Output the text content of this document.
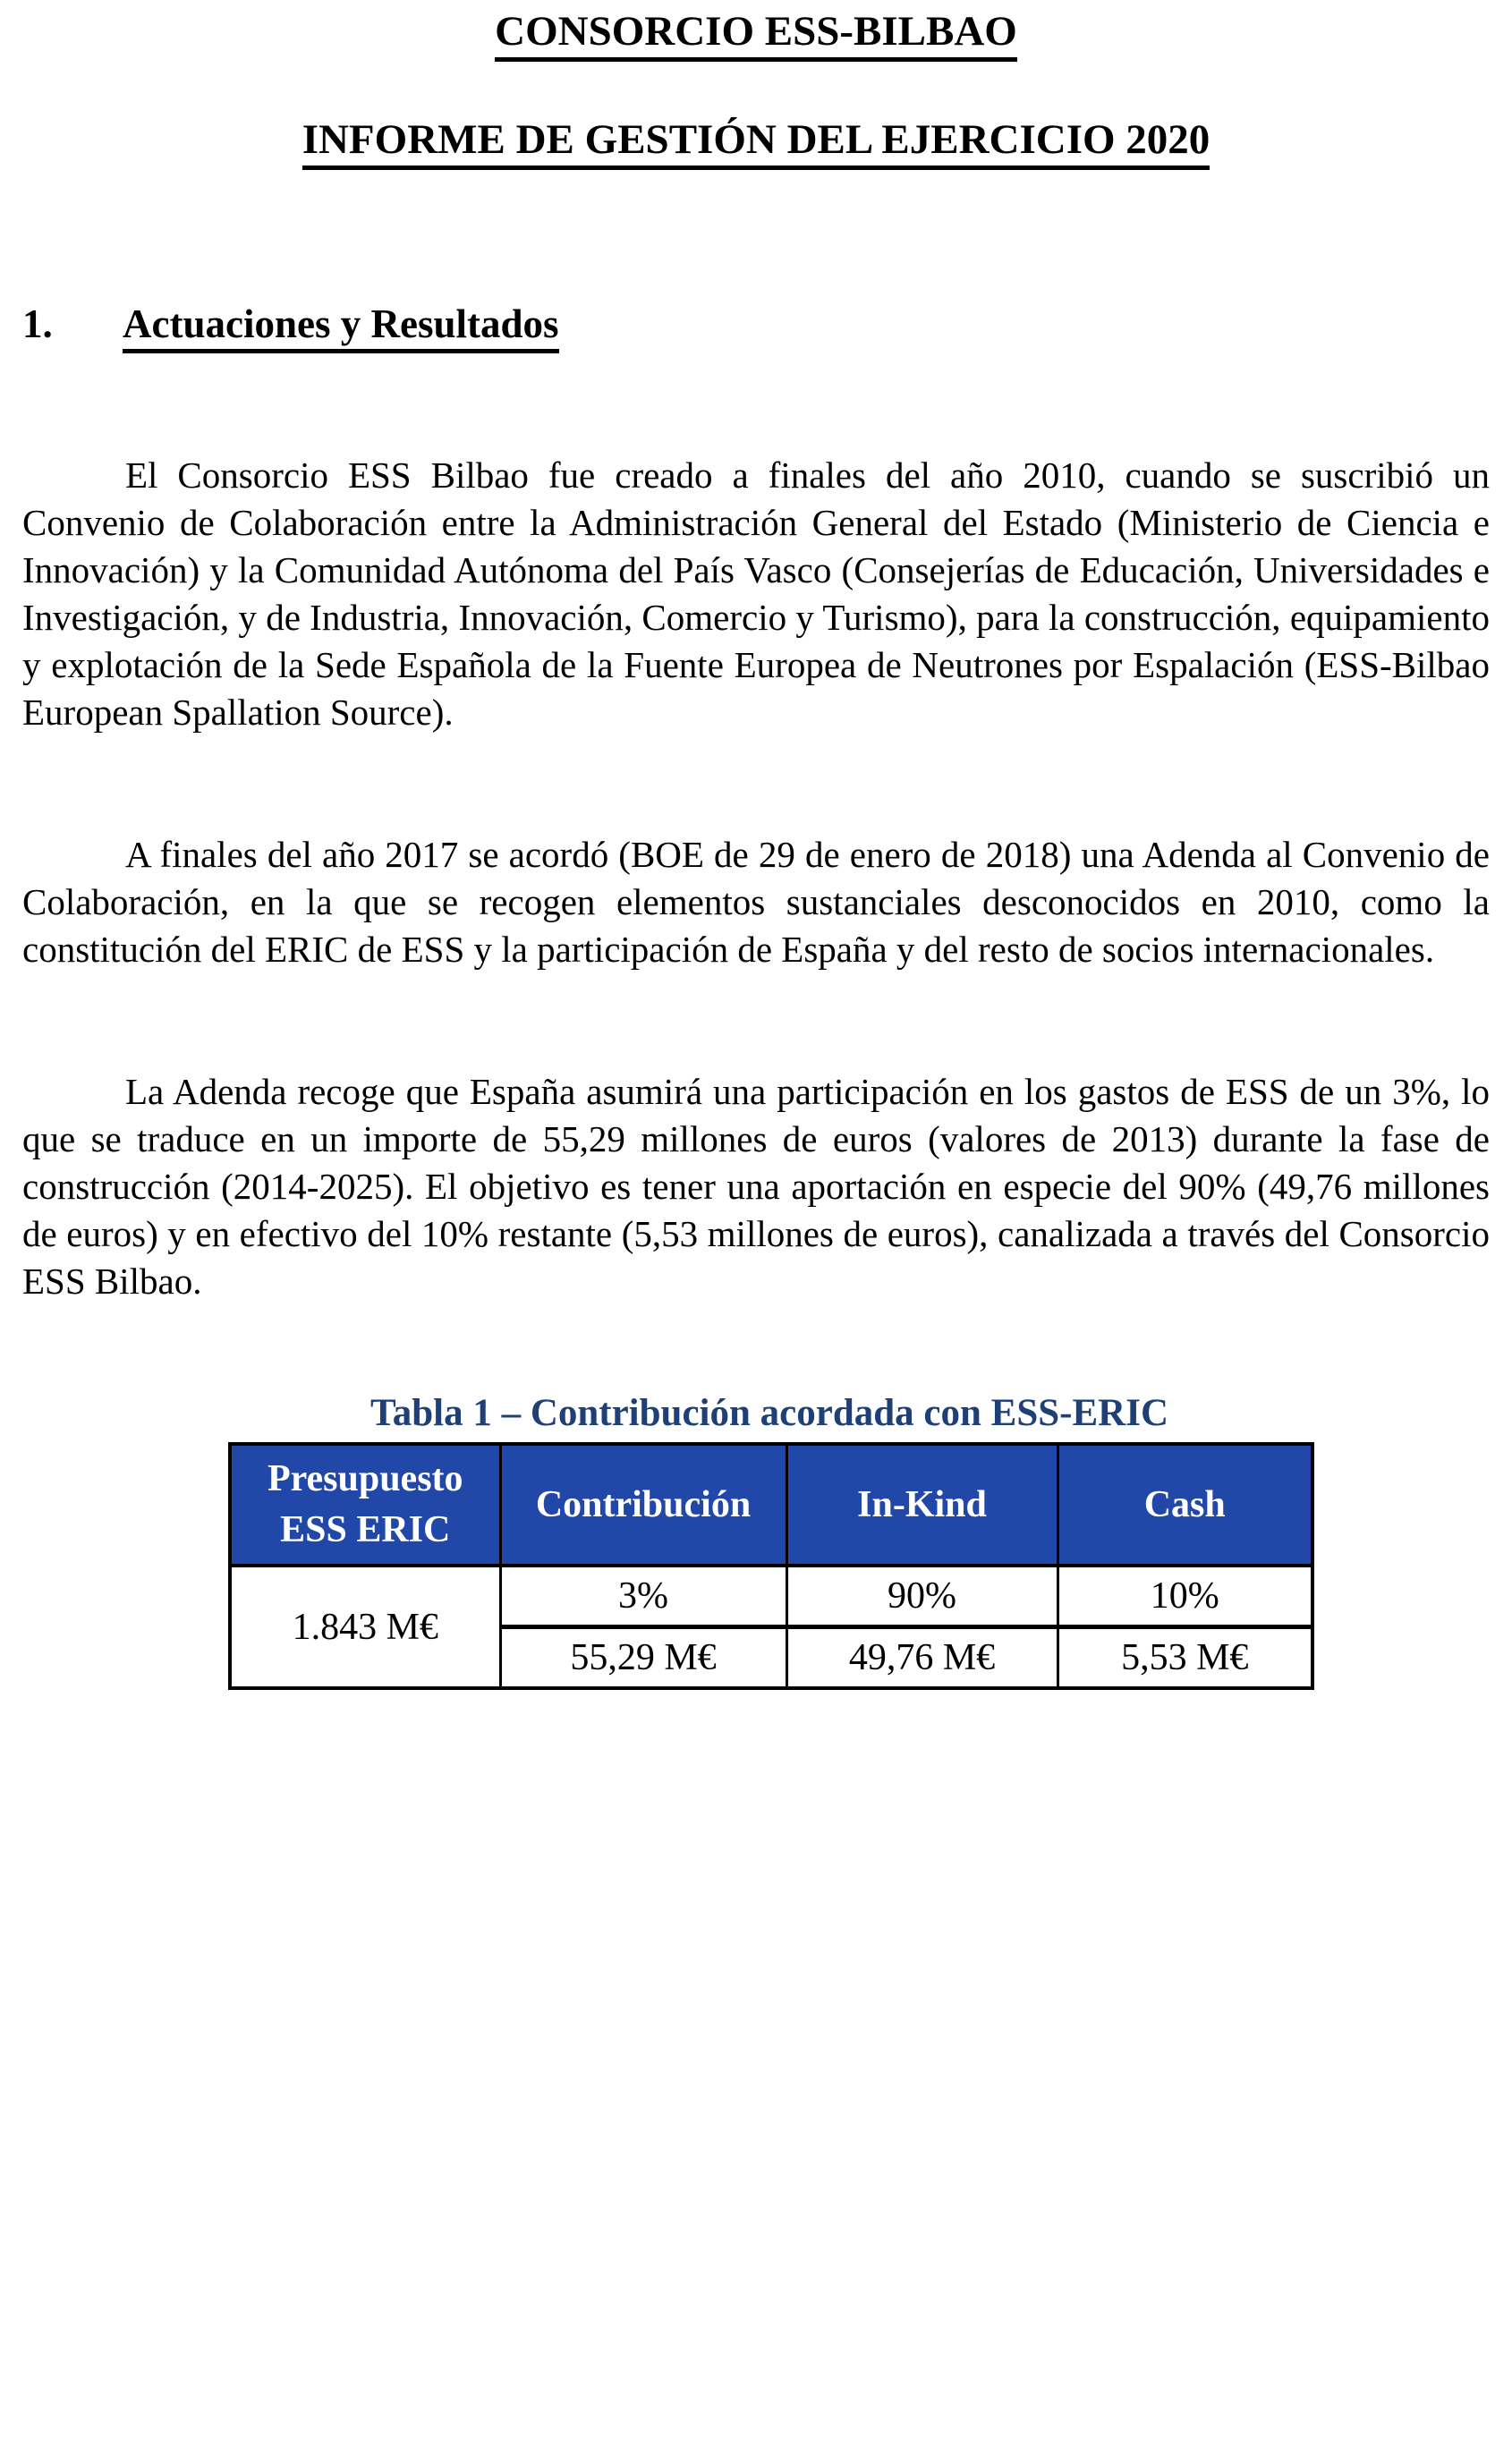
CONSORCIO ESS-BILBAO
INFORME DE GESTIÓN DEL EJERCICIO 2020
1.	Actuaciones y Resultados

El Consorcio ESS Bilbao fue creado a finales del año 2010, cuando se suscribió un Convenio de Colaboración entre la Administración General del Estado (Ministerio de Ciencia e Innovación) y la Comunidad Autónoma del País Vasco (Consejerías de Educación, Universidades e Investigación, y de Industria, Innovación, Comercio y Turismo), para la construcción, equipamiento y explotación de la Sede Española de la Fuente Europea de Neutrones por Espalación (ESS-Bilbao European Spallation Source).

A finales del año 2017 se acordó (BOE de 29 de enero de 2018) una Adenda al Convenio de Colaboración, en la que se recogen elementos sustanciales desconocidos en 2010, como la constitución del ERIC de ESS y la participación de España y del resto de socios internacionales.

La Adenda recoge que España asumirá una participación en los gastos de ESS de un 3%, lo que se traduce en un importe de 55,29 millones de euros (valores de 2013) durante la fase de construcción (2014-2025). El objetivo es tener una aportación en especie del 90% (49,76 millones de euros) y en efectivo del 10% restante (5,53 millones de euros), canalizada a través del Consorcio ESS Bilbao.

Tabla 1 – Contribución acordada con ESS-ERIC
Presupuesto ESS ERIC	Contribución	In-Kind	Cash
1.843 M€	3%	90%	10%
	55,29 M€	49,76 M€	5,53 M€
